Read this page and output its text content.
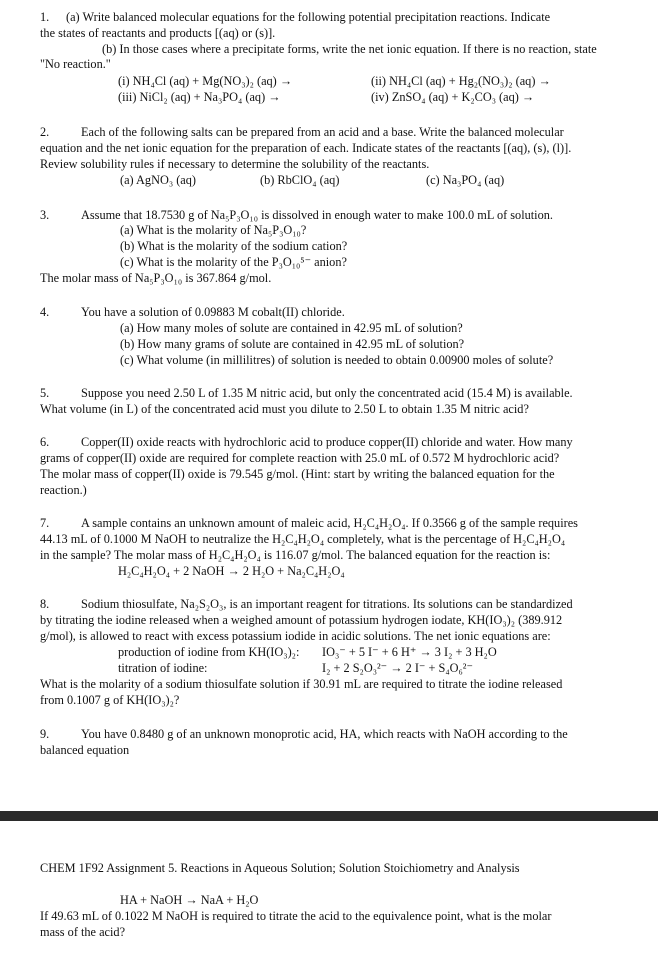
1. (a) Write balanced molecular equations for the following potential precipitation reactions. Indicate
the states of reactants and products [(aq) or (s)].
(b) In those cases where a precipitate forms, write the net ionic equation. If there is no reaction, state
"No reaction."
(i) NH₄Cl (aq) + Mg(NO₃)₂ (aq) →	(ii) NH₄Cl (aq) + Hg₂(NO₃)₂ (aq) →
(iii) NiCl₂ (aq) + Na₃PO₄ (aq) →	(iv) ZnSO₄ (aq) + K₂CO₃ (aq) →
2.	Each of the following salts can be prepared from an acid and a base. Write the balanced molecular
equation and the net ionic equation for the preparation of each. Indicate states of the reactants [(aq), (s), (l)].
Review solubility rules if necessary to determine the solubility of the reactants.
(a) AgNO₃ (aq)	(b) RbClO₄ (aq)	(c) Na₃PO₄ (aq)
3.	Assume that 18.7530 g of Na₅P₃O₁₀ is dissolved in enough water to make 100.0 mL of solution.
(a) What is the molarity of Na₅P₃O₁₀?
(b) What is the molarity of the sodium cation?
(c) What is the molarity of the P₃O₁₀⁵⁻ anion?
The molar mass of Na₅P₃O₁₀ is 367.864 g/mol.
4.	You have a solution of 0.09883 M cobalt(II) chloride.
(a) How many moles of solute are contained in 42.95 mL of solution?
(b) How many grams of solute are contained in 42.95 mL of solution?
(c) What volume (in millilitres) of solution is needed to obtain 0.00900 moles of solute?
5.	Suppose you need 2.50 L of 1.35 M nitric acid, but only the concentrated acid (15.4 M) is available.
What volume (in L) of the concentrated acid must you dilute to 2.50 L to obtain 1.35 M nitric acid?
6.	Copper(II) oxide reacts with hydrochloric acid to produce copper(II) chloride and water. How many
grams of copper(II) oxide are required for complete reaction with 25.0 mL of 0.572 M hydrochloric acid?
The molar mass of copper(II) oxide is 79.545 g/mol. (Hint: start by writing the balanced equation for the
reaction.)
7.	A sample contains an unknown amount of maleic acid, H₂C₄H₂O₄. If 0.3566 g of the sample requires
44.13 mL of 0.1000 M NaOH to neutralize the H₂C₄H₂O₄ completely, what is the percentage of H₂C₄H₂O₄
in the sample? The molar mass of H₂C₄H₂O₄ is 116.07 g/mol. The balanced equation for the reaction is:
H₂C₄H₂O₄ + 2 NaOH → 2 H₂O + Na₂C₄H₂O₄
8.	Sodium thiosulfate, Na₂S₂O₃, is an important reagent for titrations. Its solutions can be standardized
by titrating the iodine released when a weighed amount of potassium hydrogen iodate, KH(IO₃)₂ (389.912
g/mol), is allowed to react with excess potassium iodide in acidic solutions. The net ionic equations are:
production of iodine from KH(IO₃)₂: IO₃⁻ + 5 I⁻ + 6 H⁺ → 3 I₂ + 3 H₂O
titration of iodine:	I₂ + 2 S₂O₃²⁻ → 2 I⁻ + S₄O₆²⁻
What is the molarity of a sodium thiosulfate solution if 30.91 mL are required to titrate the iodine released
from 0.1007 g of KH(IO₃)₂?
9.	You have 0.8480 g of an unknown monoprotic acid, HA, which reacts with NaOH according to the
balanced equation
CHEM 1F92 Assignment 5. Reactions in Aqueous Solution; Solution Stoichiometry and Analysis
HA + NaOH → NaA + H₂O
If 49.63 mL of 0.1022 M NaOH is required to titrate the acid to the equivalence point, what is the molar
mass of the acid?
